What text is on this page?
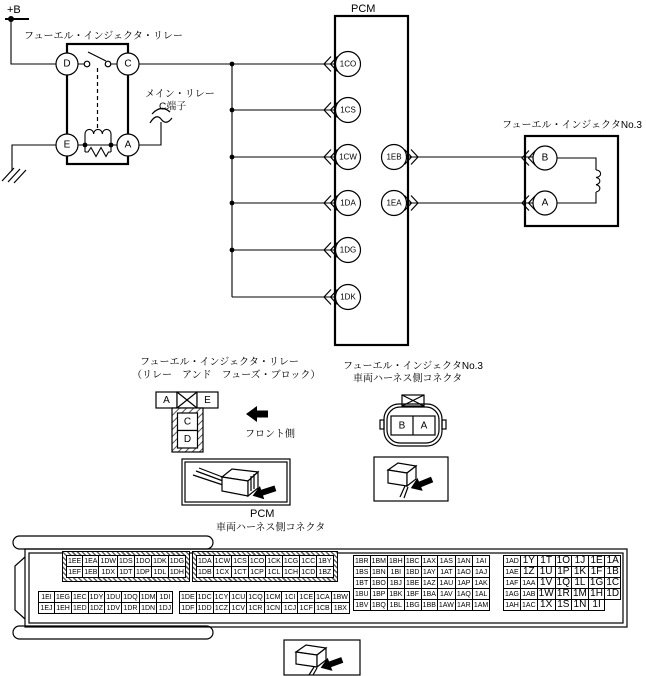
+B
フューエル・インジェクタ・リレー
D	C
E	A
メイン・リレー
C端子
PCM
1CO
1CS
1CW
1DA
1DG
1DK
1EB
1EA
フューエル・インジェクタNo.3
B
A
フューエル・インジェクタ・リレー
（リレー　アンド　フューズ・ブロック）
A	E
C
D	フロント側
フューエル・インジェクタNo.3
車両ハーネス側コネクタ
B A
PCM
車両ハーネス側コネクタ
1EE	1EA	1DW	1DS	1DO	1DK	1DG
1EF	1EB	1DX	1DT	1DP	1DL	1DH
1DA	1CW	1CS	1CO	1CK	1CG	1CC	1BY
1DB	1CX	1CT	1CP	1CL	1CH	1CD	1BZ
1EI	1EG	1EC	1DY	1DU	1DQ	1DM	1DI
1EJ	1EH	1ED	1DZ	1DV	1DR	1DN	1DJ
1DE	1DC	1CY	1CU	1CQ	1CM	1CI	1CE	1CA	1BW
1DF	1DD	1CZ	1CV	1CR	1CN	1CJ	1CF	1CB	1BX
1BR	1BM	1BH	1BC	1AX	1AS	1AN	1AI
1BS	1BN	1BI	1BD	1AY	1AT	1AO	1AJ
1BT	1BO	1BJ	1BE	1AZ	1AU	1AP	1AK
1BU	1BP	1BK	1BF	1BA	1AV	1AQ	1AL
1BV	1BQ	1BL	1BG	1BB	1AW	1AR	1AM
1AD	1Y	1T	1O	1J	1E	1A
1AE	1Z	1U	1P	1K	1F	1B
1AF	1AA	1V	1Q	1L	1G	1C
1AG	1AB	1W	1R	1M	1H	1D
1AH	1AC	1X	1S	1N	1I	
